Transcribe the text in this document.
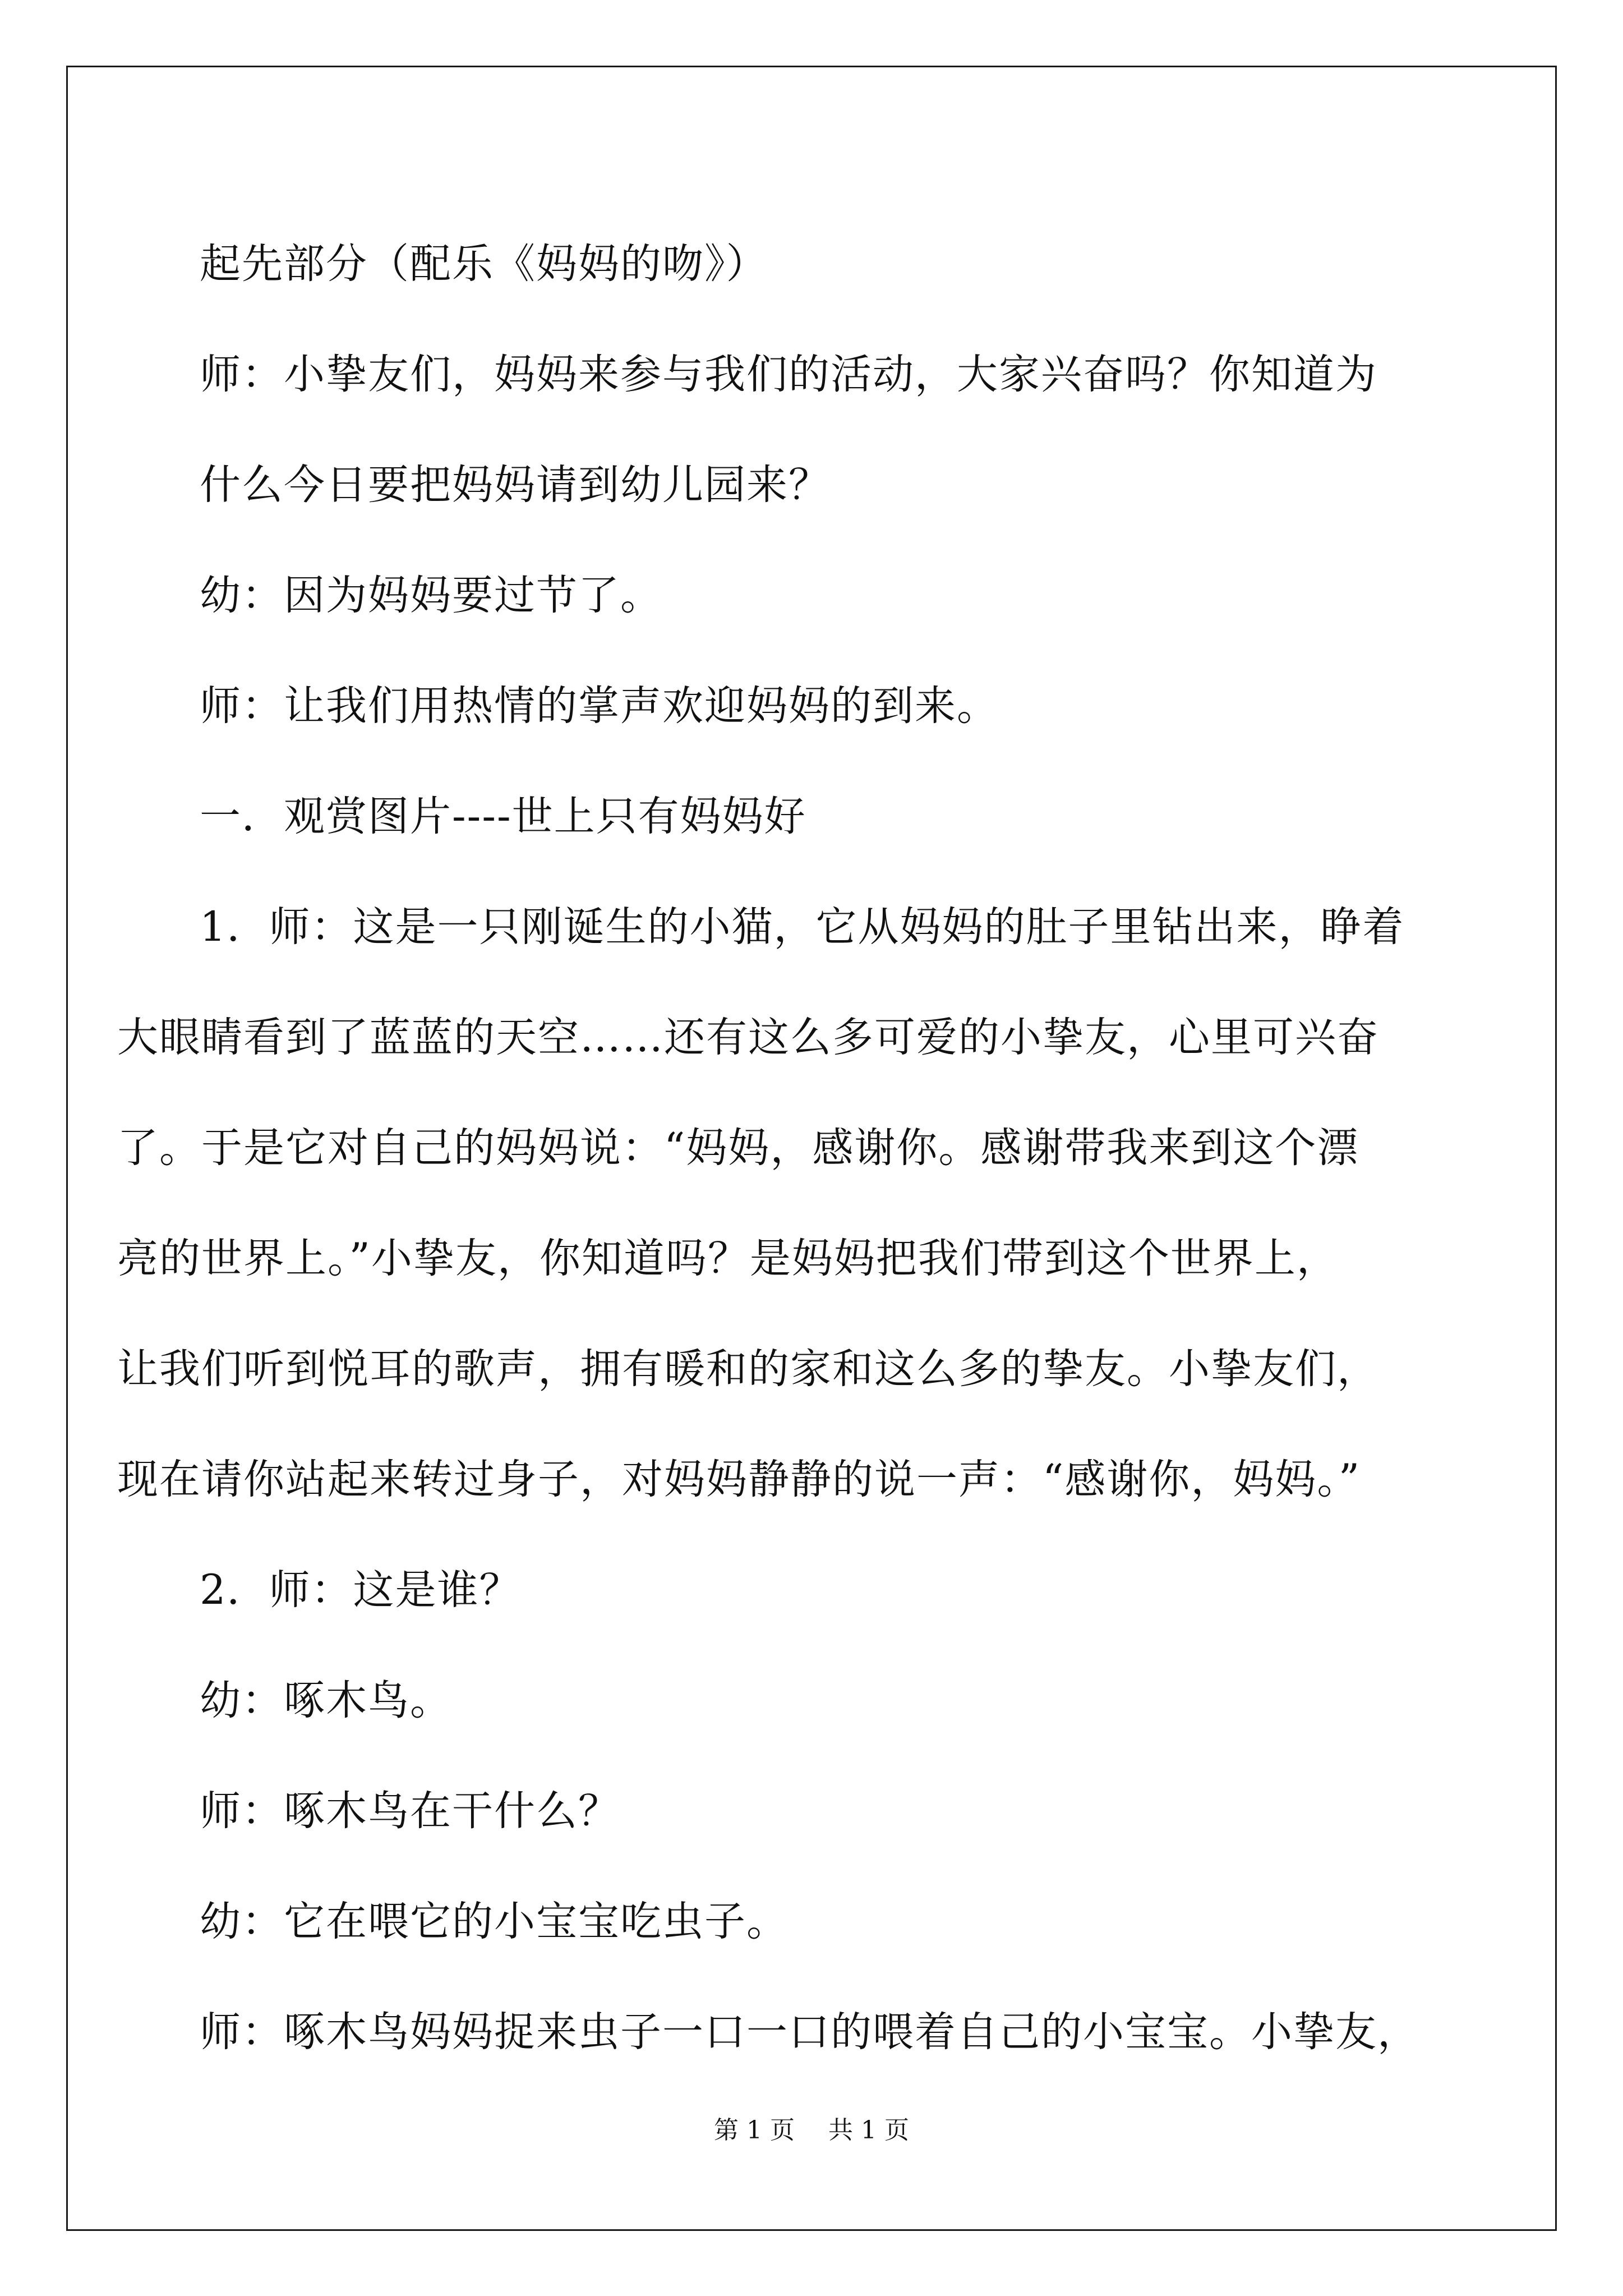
起先部分（配乐《妈妈的吻》）
师：小挚友们，妈妈来参与我们的活动，大家兴奋吗？你知道为
什么今日要把妈妈请到幼儿园来？
幼：因为妈妈要过节了。
师：让我们用热情的掌声欢迎妈妈的到来。
一．观赏图片----世上只有妈妈好
1．师：这是一只刚诞生的小猫，它从妈妈的肚子里钻出来，睁着
大眼睛看到了蓝蓝的天空……还有这么多可爱的小挚友，心里可兴奋
了。于是它对自己的妈妈说：“妈妈，感谢你。感谢带我来到这个漂
亮的世界上。”小挚友，你知道吗？是妈妈把我们带到这个世界上，
让我们听到悦耳的歌声，拥有暖和的家和这么多的挚友。小挚友们，
现在请你站起来转过身子，对妈妈静静的说一声：“感谢你，妈妈。”
2．师：这是谁？
幼：啄木鸟。
师：啄木鸟在干什么？
幼：它在喂它的小宝宝吃虫子。
师：啄木鸟妈妈捉来虫子一口一口的喂着自己的小宝宝。小挚友，
第 1 页 共 1 页
